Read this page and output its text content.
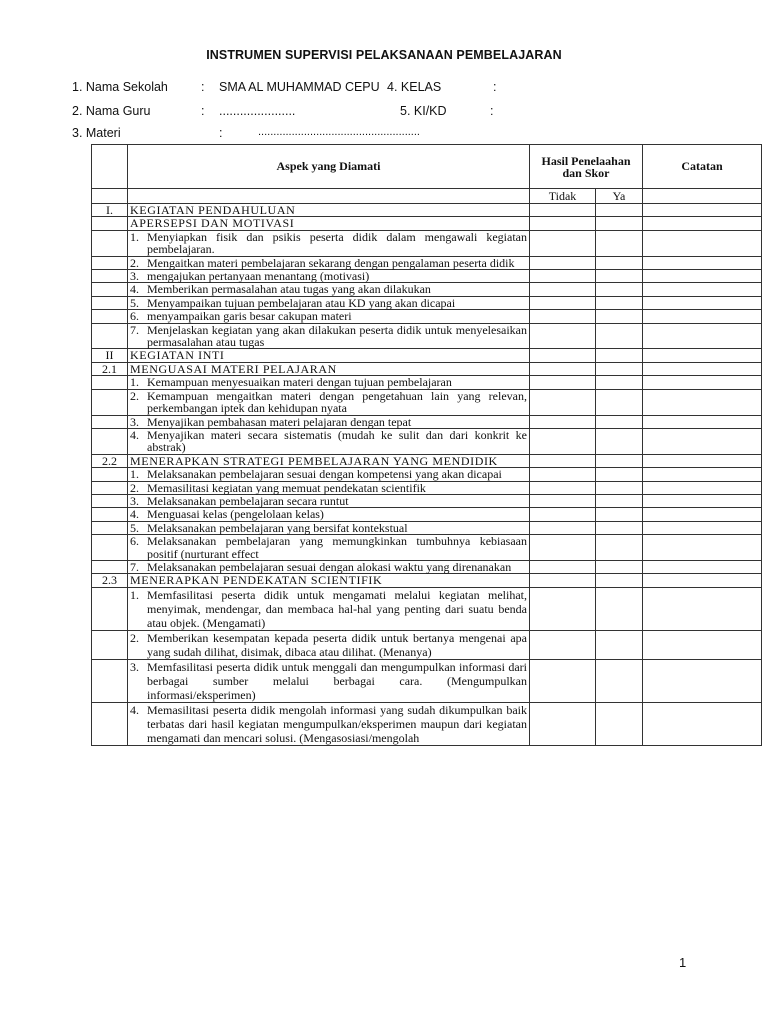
INSTRUMEN SUPERVISI PELAKSANAAN PEMBELAJARAN
1. Nama Sekolah	: SMA AL MUHAMMAD CEPU 4. KELAS	:
2. Nama Guru	: ......................	5. KI/KD	:
3. Materi	:	.....................................................
	Aspek yang Diamati	Hasil Penelaahan dan Skor		Catatan
		Tidak	Ya	
I.	KEGIATAN PENDAHULUAN			
	APERSEPSI DAN MOTIVASI			

	1. Menyiapkan fisik dan psikis peserta didik dalam mengawali kegiatan pembelajaran.			

	2. Mengaitkan materi pembelajaran sekarang dengan pengalaman peserta didik			

	3. mengajukan pertanyaan menantang (motivasi)			

	4. Memberikan permasalahan atau tugas yang akan dilakukan			

	5. Menyampaikan tujuan pembelajaran atau KD yang akan dicapai			

	6. menyampaikan garis besar cakupan materi			

	7. Menjelaskan kegiatan yang akan dilakukan peserta didik untuk menyelesaikan permasalahan atau tugas			

II	KEGIATAN INTI			
2.1	MENGUASAI MATERI PELAJARAN			

	1. Kemampuan menyesuaikan materi dengan tujuan pembelajaran			

	2. Kemampuan mengaitkan materi dengan pengetahuan lain yang relevan, perkembangan iptek dan kehidupan nyata			

	3. Menyajikan pembahasan materi pelajaran dengan tepat			

	4. Menyajikan materi secara sistematis (mudah ke sulit dan dari konkrit ke abstrak)			

2.2	MENERAPKAN STRATEGI PEMBELAJARAN YANG MENDIDIK			

	1. Melaksanakan pembelajaran sesuai dengan kompetensi yang akan dicapai			

	2. Memasilitasi kegiatan yang memuat pendekatan scientifik			

	3. Melaksanakan pembelajaran secara runtut			

	4. Menguasai kelas (pengelolaan kelas)			

	5. Melaksanakan pembelajaran yang bersifat kontekstual			

	6. Melaksanakan pembelajaran yang memungkinkan tumbuhnya kebiasaan positif (nurturant effect			

	7. Melaksanakan pembelajaran sesuai dengan alokasi waktu yang direnanakan			

2.3	MENERAPKAN PENDEKATAN SCIENTIFIK			

	1. Memfasilitasi peserta didik untuk mengamati melalui kegiatan melihat, menyimak, mendengar, dan membaca hal-hal yang penting dari suatu benda atau objek. (Mengamati)			

	2. Memberikan kesempatan kepada peserta didik untuk bertanya mengenai apa yang sudah dilihat, disimak, dibaca atau dilihat. (Menanya)			

	3. Memfasilitasi peserta didik untuk menggali dan mengumpulkan informasi dari berbagai sumber melalui berbagai cara. (Mengumpulkan informasi/eksperimen)			

	4. Memasilitasi peserta didik mengolah informasi yang sudah dikumpulkan baik terbatas dari hasil kegiatan mengumpulkan/eksperimen maupun dari kegiatan mengamati dan mencari solusi. (Mengasosiasi/mengolah			

1
